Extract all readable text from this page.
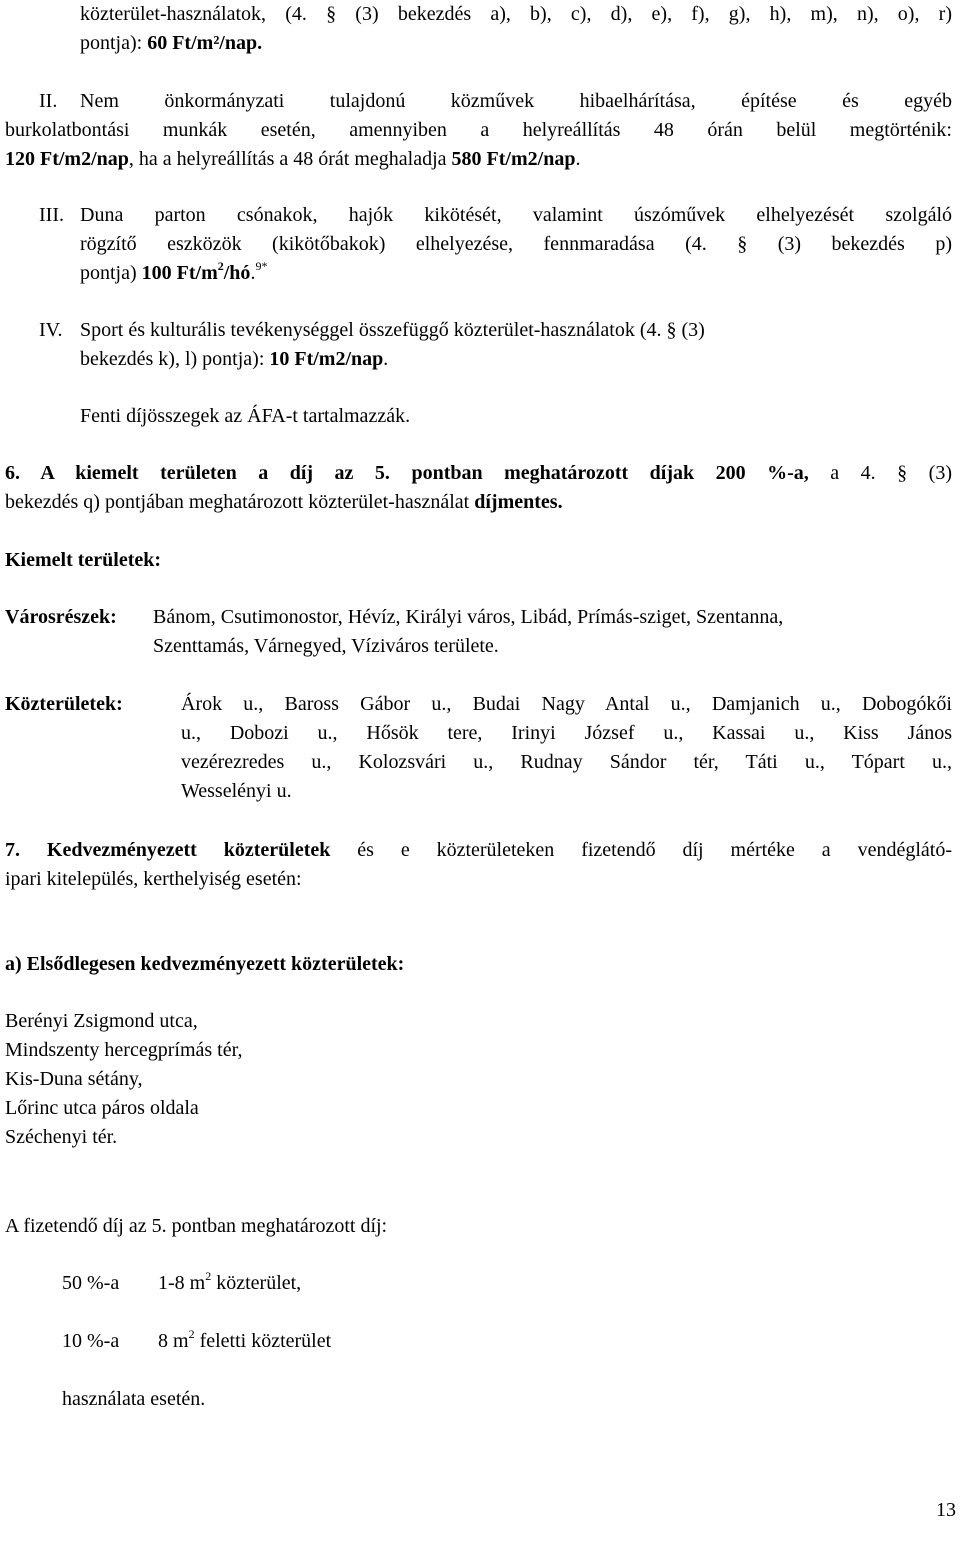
közterület-használatok, (4. § (3) bekezdés a), b), c), d), e), f), g), h), m), n), o), r)
pontja): 60 Ft/m²/nap.
II. Nem önkormányzati tulajdonú közművek hibaelhárítása, építése és egyéb
burkolatbontási munkák esetén, amennyiben a helyreállítás 48 órán belül megtörténik:
120 Ft/m2/nap, ha a helyreállítás a 48 órát meghaladja 580 Ft/m2/nap.
III. Duna parton csónakok, hajók kikötését, valamint úszóművek elhelyezését szolgáló
rögzítő eszközök (kikötőbakok) elhelyezése, fennmaradása (4. § (3) bekezdés p)
pontja) 100 $Ft/m^2/hó.^{9*}$
IV. Sport és kulturális tevékenységgel összefüggő közterület-használatok (4. § (3)
bekezdés k), l) pontja): 10 Ft/m2/nap.
Fenti díjösszegek az ÁFA-t tartalmazzák.
6. A kiemelt területen a díj az 5. pontban meghatározott díjak 200 %-a, a 4. § (3)
bekezdés q) pontjában meghatározott közterület-használat díjmentes.
Kiemelt területek:
Városrészek: Bánom, Csutimonostor, Hévíz, Királyi város, Libád, Prímás-sziget, Szentanna,
Szenttamás, Várnegyed, Víziváros területe.
Közterületek:	Árok u., Baross Gábor u., Budai Nagy Antal u., Damjanich u., Dobogókői
u., Dobozi u., Hősök tere, Irinyi József u., Kassai u., Kiss János
vezérezredes u., Kolozsvári u., Rudnay Sándor tér, Táti u., Tópart u.,
Wesselényi u.
7. Kedvezményezett közterületek és e közterületeken fizetendő díj mértéke a vendéglátó-
ipari kitelepülés, kerthelyiség esetén:
a) Elsődlegesen kedvezményezett közterületek:
Berényi Zsigmond utca,
Mindszenty hercegprímás tér,
Kis-Duna sétány,
Lőrinc utca páros oldala
Széchenyi tér.
A fizetendő díj az 5. pontban meghatározott díj:
50 %-a 1-8 $m^2$ közterület,
10 %-a 8 $m^2$ feletti közterület
használata esetén.
13
